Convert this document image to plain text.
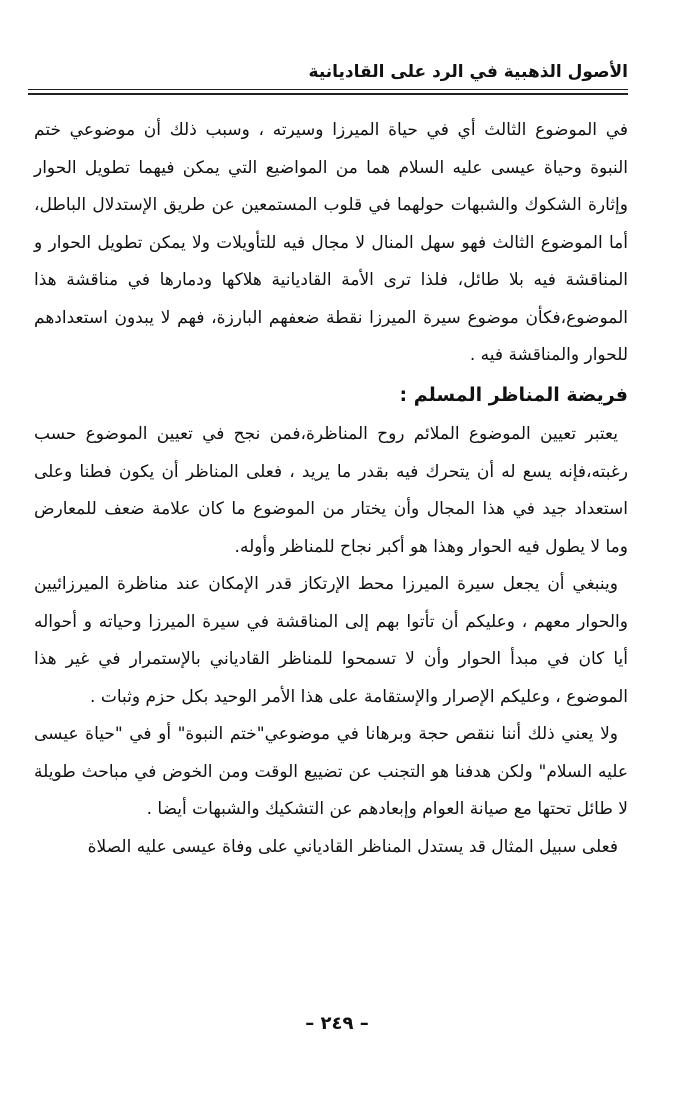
الأصول الذهبية في الرد على القاديانية

في الموضوع الثالث أي في حياة الميرزا وسيرته ، وسبب ذلك أن موضوعي ختم النبوة وحياة عيسى عليه السلام هما من المواضيع التي يمكن فيهما تطويل الحوار وإثارة الشكوك والشبهات حولهما في قلوب المستمعين عن طريق الإستدلال الباطل، أما الموضوع الثالث فهو سهل المنال لا مجال فيه للتأويلات ولا يمكن تطويل الحوار و المناقشة فيه بلا طائل، فلذا ترى الأمة القاديانية هلاكها ودمارها في مناقشة هذا الموضوع،فكأن موضوع سيرة الميرزا نقطة ضعفهم البارزة، فهم لا يبدون استعدادهم للحوار والمناقشة فيه .

فريضة المناظر المسلم :

يعتبر تعيين الموضوع الملائم روح المناظرة،فمن نجح في تعيين الموضوع حسب رغبته،فإنه يسع له أن يتحرك فيه بقدر ما يريد ، فعلى المناظر أن يكون فطنا وعلى استعداد جيد في هذا المجال وأن يختار من الموضوع ما كان علامة ضعف للمعارض وما لا يطول فيه الحوار وهذا هو أكبر نجاح للمناظر وأوله.

وينبغي أن يجعل سيرة الميرزا محط الإرتكاز قدر الإمكان عند مناظرة الميرزائيين والحوار معهم ، وعليكم أن تأتوا بهم إلى المناقشة في سيرة الميرزا وحياته و أحواله أيا كان في مبدأ الحوار وأن لا تسمحوا للمناظر القادياني بالإستمرار في غير هذا الموضوع ، وعليكم الإصرار والإستقامة على هذا الأمر الوحيد بكل حزم وثبات .

ولا يعني ذلك أننا ننقص حجة وبرهانا في موضوعي"ختم النبوة" أو في "حياة عيسى عليه السلام" ولكن هدفنا هو التجنب عن تضييع الوقت ومن الخوض في مباحث طويلة لا طائل تحتها مع صيانة العوام وإبعادهم عن التشكيك والشبهات أيضا .

فعلى سبيل المثال قد يستدل المناظر القادياني على وفاة عيسى عليه الصلاة

– ٢٤٩ –
